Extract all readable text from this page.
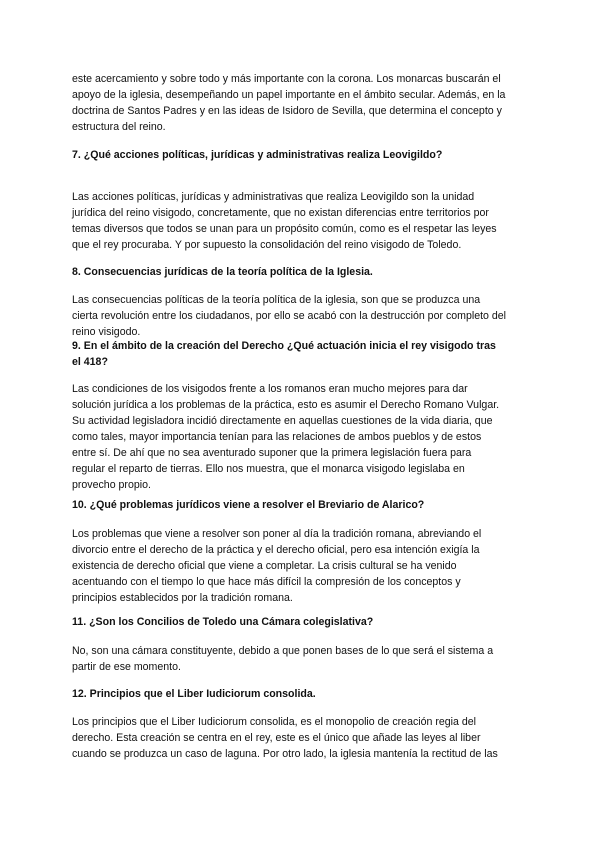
este acercamiento y sobre todo y más importante con la corona. Los monarcas buscarán el

apoyo de la iglesia, desempeñando un papel importante en el ámbito secular. Además, en la

doctrina de Santos Padres y en las ideas de Isidoro de Sevilla, que determina el concepto y

estructura del reino.

7. ¿Qué acciones políticas, jurídicas y administrativas realiza Leovigildo?

Las acciones políticas, jurídicas y administrativas que realiza Leovigildo son la unidad

jurídica del reino visigodo, concretamente, que no existan diferencias entre territorios por

temas diversos que todos se unan para un propósito común, como es el respetar las leyes

que el rey procuraba. Y por supuesto la consolidación del reino visigodo de Toledo.

8. Consecuencias jurídicas de la teoría política de la Iglesia.

Las consecuencias políticas de la teoría política de la iglesia, son que se produzca una

cierta revolución entre los ciudadanos, por ello se acabó con la destrucción por completo del

reino visigodo.

9. En el ámbito de la creación del Derecho ¿Qué actuación inicia el rey visigodo tras

el 418?

Las condiciones de los visigodos frente a los romanos eran mucho mejores para dar

solución jurídica a los problemas de la práctica, esto es asumir el Derecho Romano Vulgar.

Su actividad legisladora incidió directamente en aquellas cuestiones de la vida diaria, que

como tales, mayor importancia tenían para las relaciones de ambos pueblos y de estos

entre sí. De ahí que no sea aventurado suponer que la primera legislación fuera para

regular el reparto de tierras. Ello nos muestra, que el monarca visigodo legislaba en

provecho propio.

10. ¿Qué problemas jurídicos viene a resolver el Breviario de Alarico?

Los problemas que viene a resolver son poner al día la tradición romana, abreviando el

divorcio entre el derecho de la práctica y el derecho oficial, pero esa intención exigía la

existencia de derecho oficial que viene a completar. La crisis cultural se ha venido

acentuando con el tiempo lo que hace más difícil la compresión de los conceptos y

principios establecidos por la tradición romana.

11. ¿Son los Concilios de Toledo una Cámara colegislativa?

No, son una cámara constituyente, debido a que ponen bases de lo que será el sistema a

partir de ese momento.

12. Principios que el Liber Iudiciorum consolida.

Los principios que el Liber Iudiciorum consolida, es el monopolio de creación regia del

derecho. Esta creación se centra en el rey, este es el único que añade las leyes al liber

cuando se produzca un caso de laguna. Por otro lado, la iglesia mantenía la rectitud de las
